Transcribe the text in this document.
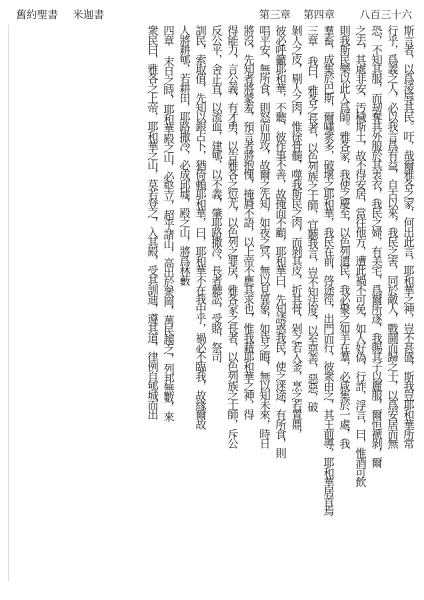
舊約聖書 米迦書	第三章 第四章 八百三十六
斯言者，以爲淩辱其民。吁，哉爾雅各之家，何出此言，耶和華之神，豈不甚盛，斯我豈耶和華所常
行乎，爲義之人，必以我言爲有益，自古以來，我民之害，同於敵人，戰鬪而歸之士，以爲安居而無
恐，不知其服，而刼奪其外服於其衷衣，我民之婦，有美宅，爲爾所逐，我賜其子以麗服，爾恒褫剝，爾
之去，其處非安，汚穢斯土，故不得安居，當往他方，遭此禍不可免，如人好偽，行詐，浮言，曰，惟酒可飲
則我斯民樂以此人爲師。雅各家，我使之慶至，以色列遺民，我必聚之如羊在羣，必咸集於一處，我
羣畜，成集於巴斯，爾嘯衆多，破壞之耶和華，我民在前，啓途徑，出門而行，彼衆由之，其王前導，耶和華居首焉
三章 我曰，雅各之長者，以色列族之士師，宜聽我言，豈不知法度，以至惡善，惡惡，破
剝人之皮，剔人之肉，惟徐骨髓，噬我斯民之肉，而剝其皮，折其骨，剁之若入釜，烹之若置鼎，
彼必呼籲耶和華，不聽，彼作事不善，故掩面不顧，耶和華曰，先知誘惑我民，使之迷途，有所食，則
唱平安，無所食，則怒而加攻，故爾之先知，如夜之冥，無以見異象，如昏之晦，無以知未來，時日
將沒，先知者將蒙羞，預言者將抱愧，掩脣不語，以上帝不應其求也，惟我藉耶和華之神，得
得能力，言公義，有才勇，以告雅各之愆尤，以色列之罪戾，雅各家之長者，以色列族之士師，斥公
反公平，舍正直，以流血，建郇，以不義，肇耶路撒冷，長者聽訟，受賂，祭司
訓民，索取值，先知以銀占卜，猶倚賴耶和華，曰，耶和華不在我中乎，禍必不臨我，故緣爾故
人將耕郇，若耕田，耶路撒冷，必成邱墟，殿之山，將爲林藪
四章 末日之時，耶和華殿之山，必堅立，超乎諸山，高出於衆岡，萬民趨之，列邦無數，來
衆民曰，雅各之上帝，耶和華之山，莫若登之，入其殿，受其訓迪，遵其道，律例自郇城而出
